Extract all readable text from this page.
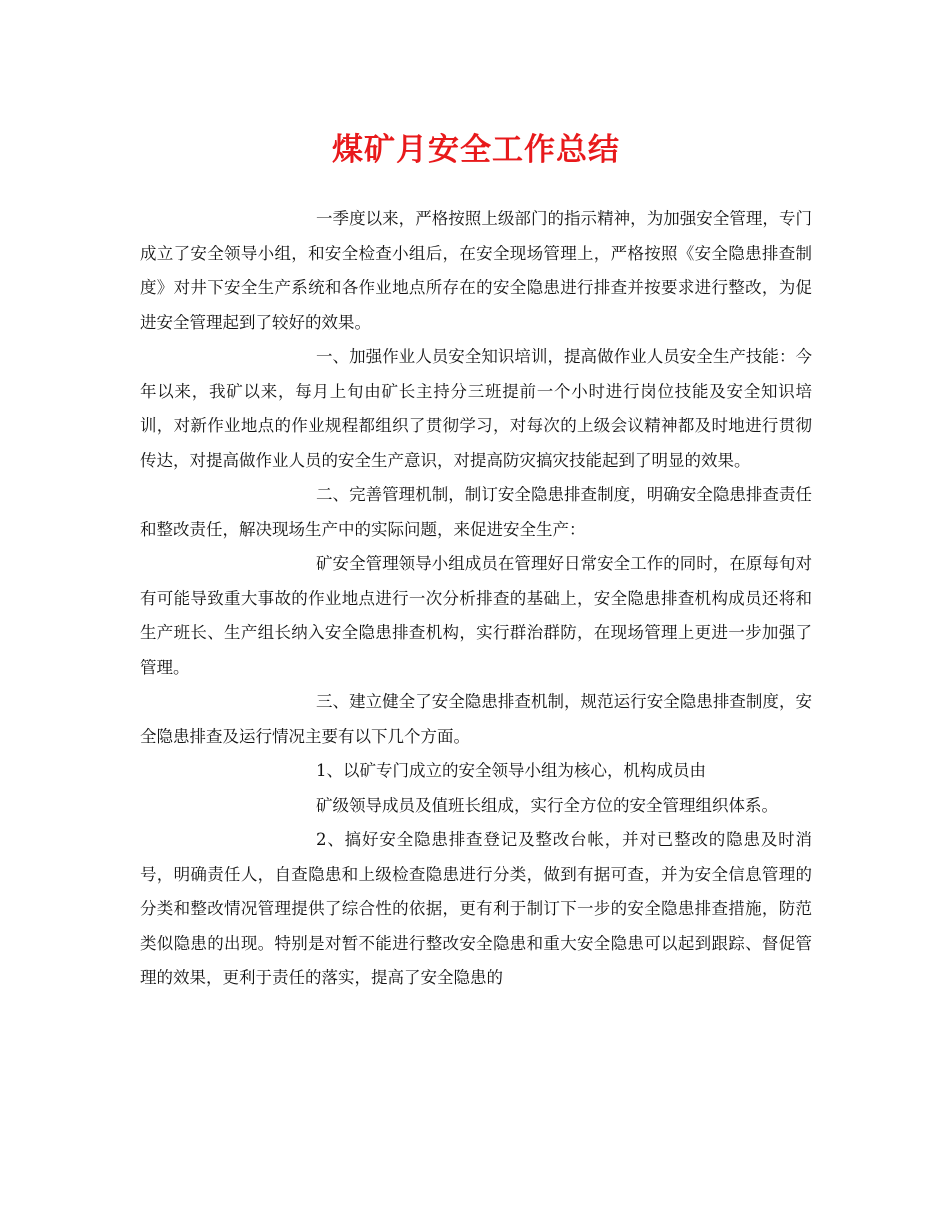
煤矿月安全工作总结

一季度以来，严格按照上级部门的指示精神，为加强安全管理，专门成立了安全领导小组，和安全检查小组后，在安全现场管理上，严格按照《安全隐患排查制度》对井下安全生产系统和各作业地点所存在的安全隐患进行排查并按要求进行整改，为促进安全管理起到了较好的效果。

一、加强作业人员安全知识培训，提高做作业人员安全生产技能：今年以来，我矿以来，每月上旬由矿长主持分三班提前一个小时进行岗位技能及安全知识培训，对新作业地点的作业规程都组织了贯彻学习，对每次的上级会议精神都及时地进行贯彻传达，对提高做作业人员的安全生产意识，对提高防灾搞灾技能起到了明显的效果。

二、完善管理机制，制订安全隐患排查制度，明确安全隐患排查责任和整改责任，解决现场生产中的实际问题，来促进安全生产：

矿安全管理领导小组成员在管理好日常安全工作的同时，在原每旬对有可能导致重大事故的作业地点进行一次分析排查的基础上，安全隐患排查机构成员还将和生产班长、生产组长纳入安全隐患排查机构，实行群治群防，在现场管理上更进一步加强了管理。

三、建立健全了安全隐患排查机制，规范运行安全隐患排查制度，安全隐患排查及运行情况主要有以下几个方面。

1、以矿专门成立的安全领导小组为核心，机构成员由

矿级领导成员及值班长组成，实行全方位的安全管理组织体系。

2、搞好安全隐患排查登记及整改台帐，并对已整改的隐患及时消号，明确责任人，自查隐患和上级检查隐患进行分类，做到有据可查，并为安全信息管理的分类和整改情况管理提供了综合性的依据，更有利于制订下一步的安全隐患排查措施，防范类似隐患的出现。特别是对暂不能进行整改安全隐患和重大安全隐患可以起到跟踪、督促管理的效果，更利于责任的落实，提高了安全隐患的
